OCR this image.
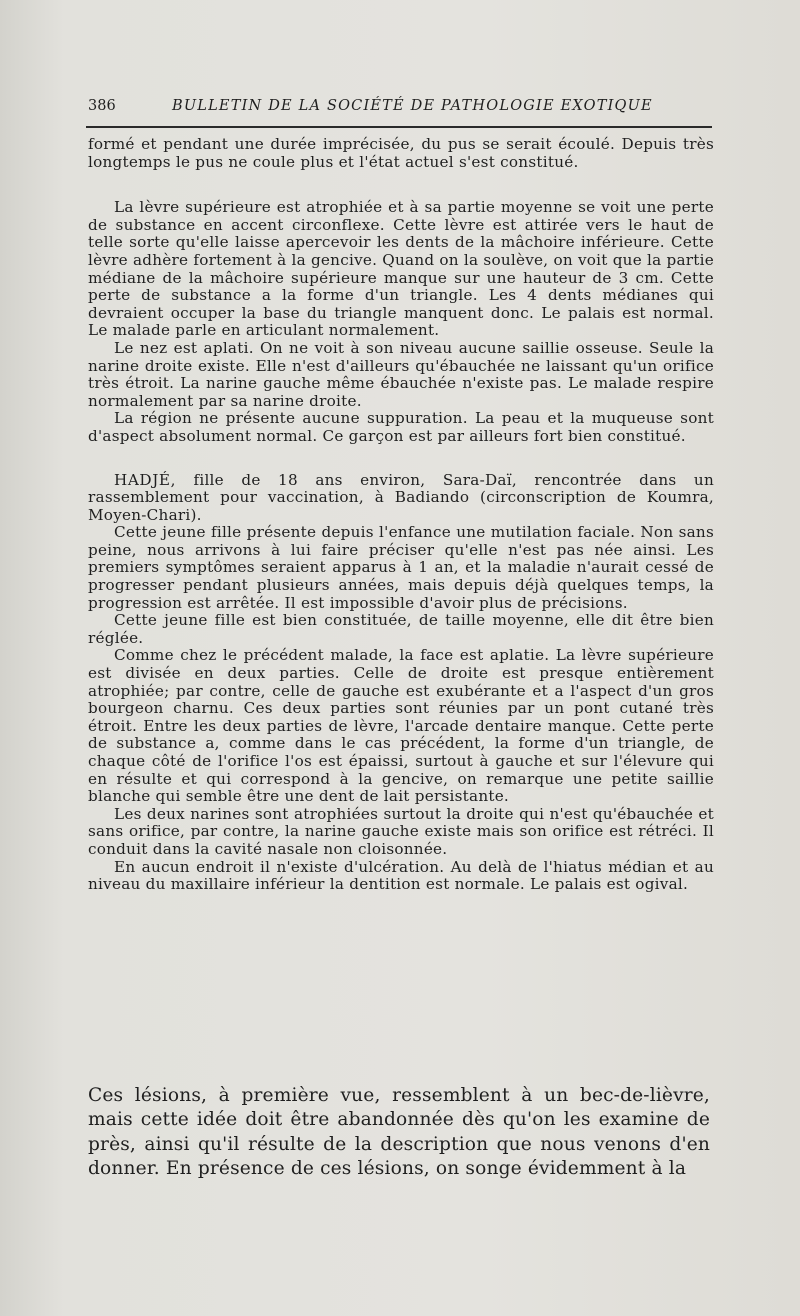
386	BULLETIN DE LA SOCIÉTÉ DE PATHOLOGIE EXOTIQUE

formé et pendant une durée imprécisée, du pus se serait écoulé. Depuis très longtemps le pus ne coule plus et l'état actuel s'est constitué.

La lèvre supérieure est atrophiée et à sa partie moyenne se voit une perte de substance en accent circonflexe. Cette lèvre est attirée vers le haut de telle sorte qu'elle laisse apercevoir les dents de la mâchoire inférieure. Cette lèvre adhère fortement à la gencive. Quand on la soulève, on voit que la partie médiane de la mâchoire supérieure manque sur une hauteur de 3 cm. Cette perte de substance a la forme d'un triangle. Les 4 dents médianes qui devraient occuper la base du triangle manquent donc. Le palais est normal. Le malade parle en articulant normalement.

Le nez est aplati. On ne voit à son niveau aucune saillie osseuse. Seule la narine droite existe. Elle n'est d'ailleurs qu'ébauchée ne laissant qu'un orifice très étroit. La narine gauche même ébauchée n'existe pas. Le malade respire normalement par sa narine droite.

La région ne présente aucune suppuration. La peau et la muqueuse sont d'aspect absolument normal. Ce garçon est par ailleurs fort bien constitué.

HADJÉ, fille de 18 ans environ, Sara-Daï, rencontrée dans un rassemblement pour vaccination, à Badiando (circonscription de Koumra, Moyen-Chari).

Cette jeune fille présente depuis l'enfance une mutilation faciale. Non sans peine, nous arrivons à lui faire préciser qu'elle n'est pas née ainsi. Les premiers symptômes seraient apparus à 1 an, et la maladie n'aurait cessé de progresser pendant plusieurs années, mais depuis déjà quelques temps, la progression est arrêtée. Il est impossible d'avoir plus de précisions.

Cette jeune fille est bien constituée, de taille moyenne, elle dit être bien réglée.

Comme chez le précédent malade, la face est aplatie. La lèvre supérieure est divisée en deux parties. Celle de droite est presque entièrement atrophiée; par contre, celle de gauche est exubérante et a l'aspect d'un gros bourgeon charnu. Ces deux parties sont réunies par un pont cutané très étroit. Entre les deux parties de lèvre, l'arcade dentaire manque. Cette perte de substance a, comme dans le cas précédent, la forme d'un triangle, de chaque côté de l'orifice l'os est épaissi, surtout à gauche et sur l'élevure qui en résulte et qui correspond à la gencive, on remarque une petite saillie blanche qui semble être une dent de lait persistante.

Les deux narines sont atrophiées surtout la droite qui n'est qu'ébauchée et sans orifice, par contre, la narine gauche existe mais son orifice est rétréci. Il conduit dans la cavité nasale non cloisonnée.

En aucun endroit il n'existe d'ulcération. Au delà de l'hiatus médian et au niveau du maxillaire inférieur la dentition est normale. Le palais est ogival.

Ces lésions, à première vue, ressemblent à un bec-de-lièvre, mais cette idée doit être abandonnée dès qu'on les examine de près, ainsi qu'il résulte de la description que nous venons d'en donner. En présence de ces lésions, on songe évidemment à la
